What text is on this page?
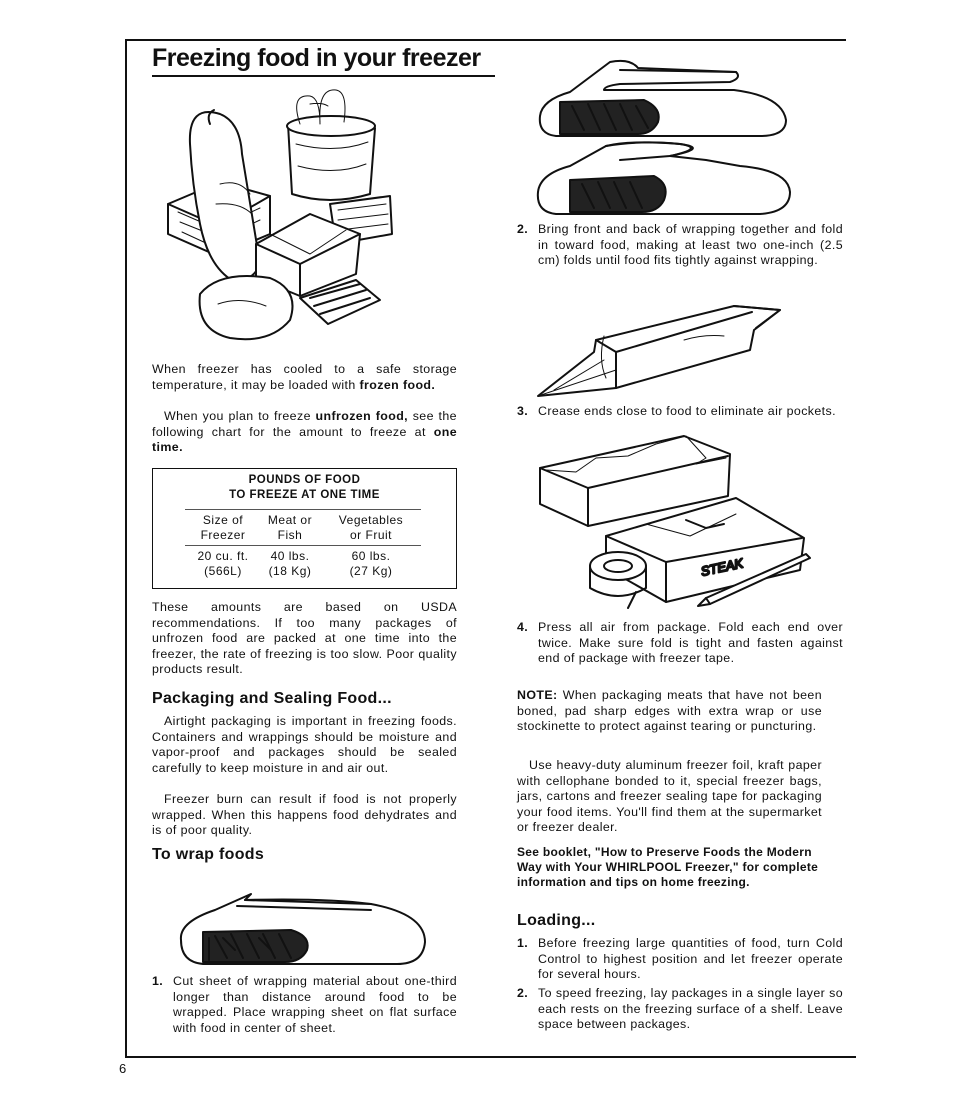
6
Freezing food in your freezer
When freezer has cooled to a safe storage temperature, it may be loaded with frozen food.
When you plan to freeze unfrozen food, see the following chart for the amount to freeze at one time.
POUNDS OF FOOD
TO FREEZE AT ONE TIME
Size of
Freezer
Meat or
Fish
Vegetables
or Fruit
20 cu. ft.
(566L)
40 lbs.
(18 Kg)
60 lbs.
(27 Kg)
These amounts are based on USDA recommendations. If too many packages of unfrozen food are packed at one time into the freezer, the rate of freezing is too slow. Poor quality products result.
Packaging and Sealing Food...
Airtight packaging is important in freezing foods. Containers and wrappings should be moisture and vapor-proof and packages should be sealed carefully to keep moisture in and air out.
Freezer burn can result if food is not properly wrapped. When this happens food dehydrates and is of poor quality.
To wrap foods
1. Cut sheet of wrapping material about one-third longer than distance around food to be wrapped. Place wrapping sheet on flat surface with food in center of sheet.
2. Bring front and back of wrapping together and fold in toward food, making at least two one-inch (2.5 cm) folds until food fits tightly against wrapping.
3. Crease ends close to food to eliminate air pockets.
STEAK
4. Press all air from package. Fold each end over twice. Make sure fold is tight and fasten against end of package with freezer tape.
NOTE: When packaging meats that have not been boned, pad sharp edges with extra wrap or use stockinette to protect against tearing or puncturing.
Use heavy-duty aluminum freezer foil, kraft paper with cellophane bonded to it, special freezer bags, jars, cartons and freezer sealing tape for packaging your food items. You'll find them at the supermarket or freezer dealer.
See booklet, "How to Preserve Foods the Modern Way with Your WHIRLPOOL Freezer," for complete information and tips on home freezing.
Loading...
1. Before freezing large quantities of food, turn Cold Control to highest position and let freezer operate for several hours.
2. To speed freezing, lay packages in a single layer so each rests on the freezing surface of a shelf. Leave space between packages.
